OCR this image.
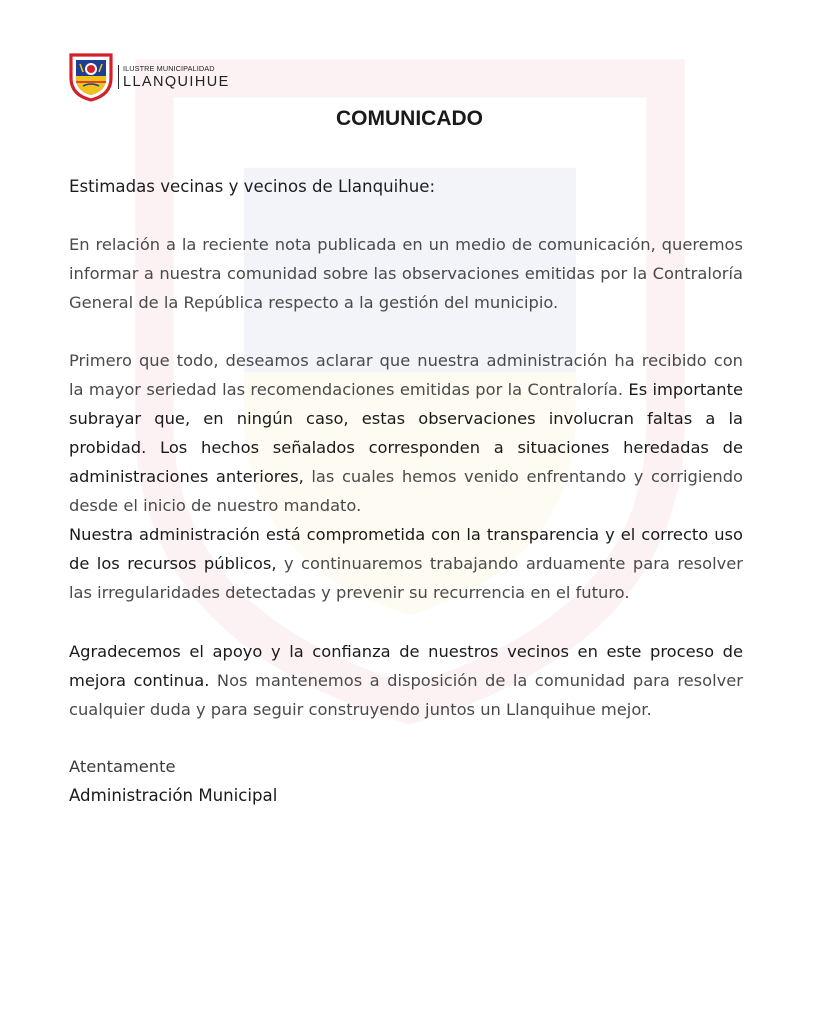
ILUSTRE MUNICIPALIDAD
LLANQUIHUE
COMUNICADO

Estimadas vecinas y vecinos de Llanquihue:

En relación a la reciente nota publicada en un medio de comunicación, queremos informar a nuestra comunidad sobre las observaciones emitidas por la Contraloría General de la República respecto a la gestión del municipio.

Primero que todo, deseamos aclarar que nuestra administración ha recibido con la mayor seriedad las recomendaciones emitidas por la Contraloría. Es importante subrayar que, en ningún caso, estas observaciones involucran faltas a la probidad. Los hechos señalados corresponden a situaciones heredadas de administraciones anteriores, las cuales hemos venido enfrentando y corrigiendo desde el inicio de nuestro mandato.

Nuestra administración está comprometida con la transparencia y el correcto uso de los recursos públicos, y continuaremos trabajando arduamente para resolver las irregularidades detectadas y prevenir su recurrencia en el futuro.

Agradecemos el apoyo y la confianza de nuestros vecinos en este proceso de mejora continua. Nos mantenemos a disposición de la comunidad para resolver cualquier duda y para seguir construyendo juntos un Llanquihue mejor.

Atentamente
Administración Municipal
